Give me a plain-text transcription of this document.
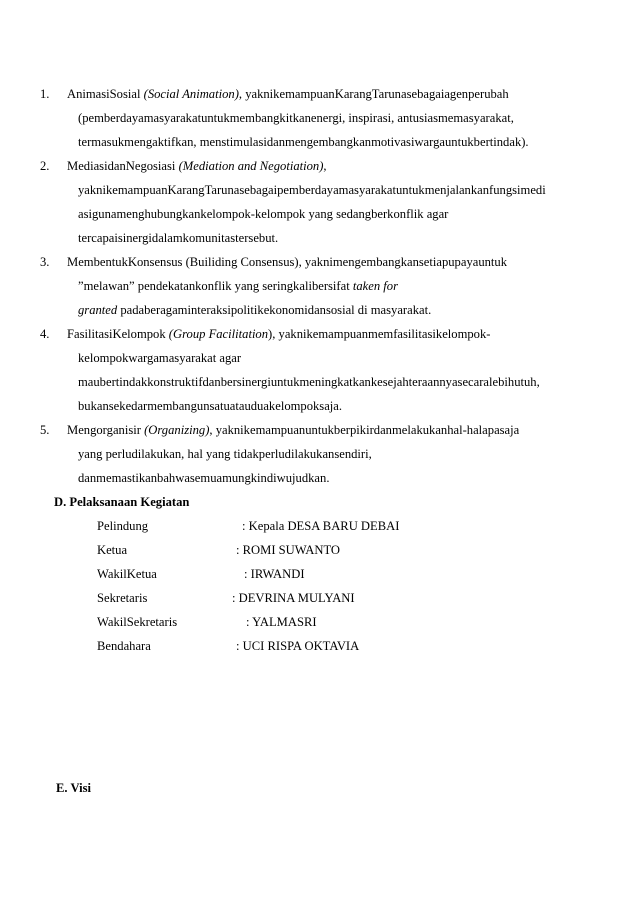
1. AnimasiSosial (Social Animation), yaknikemampuanKarangTarunasebagaiagenperubah
(pemberdayamasyarakatuntukmembangkitkanenergi, inspirasi, antusiasmemasyarakat,
termasukmengaktifkan, menstimulasidanmengembangkanmotivasiwargauntukbertindak).
2. MediasidanNegosiasi (Mediation and Negotiation),
yaknikemampuanKarangTarunasebagaipemberdayamasyarakatuntukmenjalankanfungsimedi
asigunamenghubungkankelompok-kelompok yang sedangberkonflik agar
tercapaisinergidalamkomunitastersebut.
3. MembentukKonsensus (Builiding Consensus), yaknimengembangkansetiapupayauntuk
”melawan” pendekatankonflik yang seringkalibersifat taken for
granted padaberagaminteraksipolitikekonomidansosial di masyarakat.
4. FasilitasiKelompok (Group Facilitation), yaknikemampuanmemfasilitasikelompok-
kelompokwargamasyarakat agar
maubertindakkonstruktifdanbersinergiuntukmeningkatkankesejahteraannyasecaralebihutuh,
bukansekedarmembangunsatuatauduakelompoksaja.
5. Mengorganisir (Organizing), yaknikemampuanuntukberpikirdanmelakukanhal-halapasaja
yang perludilakukan, hal yang tidakperludilakukansendiri,
danmemastikanbahwasemuamungkindiwujudkan.
D. Pelaksanaan Kegiatan
Pelindung	: Kepala DESA BARU DEBAI
Ketua	: ROMI SUWANTO
WakilKetua	: IRWANDI
Sekretaris	: DEVRINA MULYANI
WakilSekretaris	: YALMASRI
Bendahara	: UCI RISPA OKTAVIA
E. Visi
